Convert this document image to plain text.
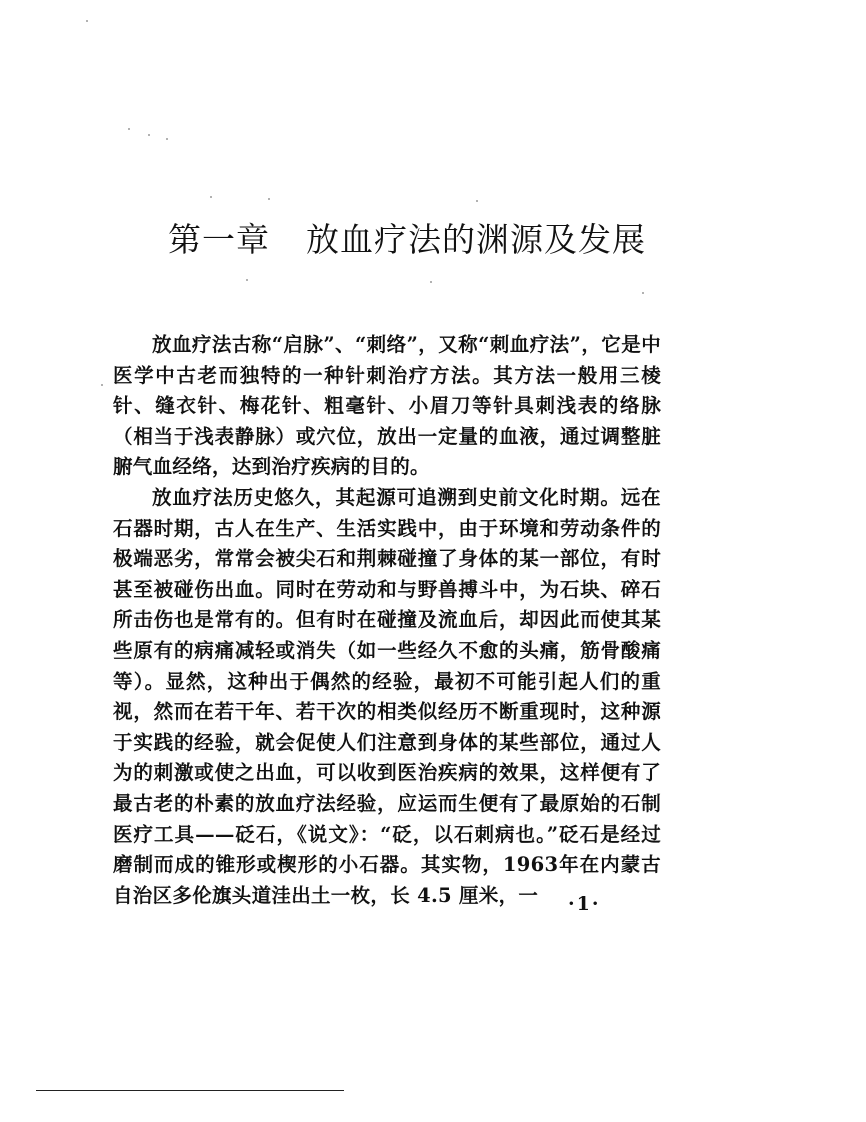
第一章 放血疗法的渊源及发展

放血疗法古称“启脉”、“刺络”，又称“刺血疗法”，它是中医学中古老而独特的一种针刺治疗方法。其方法一般用三棱针、缝衣针、梅花针、粗毫针、小眉刀等针具刺浅表的络脉（相当于浅表静脉）或穴位，放出一定量的血液，通过调整脏腑气血经络，达到治疗疾病的目的。

放血疗法历史悠久，其起源可追溯到史前文化时期。远在石器时期，古人在生产、生活实践中，由于环境和劳动条件的极端恶劣，常常会被尖石和荆棘碰撞了身体的某一部位，有时甚至被碰伤出血。同时在劳动和与野兽搏斗中，为石块、碎石所击伤也是常有的。但有时在碰撞及流血后，却因此而使其某些原有的病痛减轻或消失（如一些经久不愈的头痛，筋骨酸痛等）。显然，这种出于偶然的经验，最初不可能引起人们的重视，然而在若干年、若干次的相类似经历不断重现时，这种源于实践的经验，就会促使人们注意到身体的某些部位，通过人为的刺激或使之出血，可以收到医治疾病的效果，这样便有了最古老的朴素的放血疗法经验，应运而生便有了最原始的石制医疗工具——砭石，《说文》：“砭，以石刺病也。”砭石是经过磨制而成的锥形或楔形的小石器。其实物，1963年在内蒙古自治区多伦旗头道洼出土一枚，长 4.5 厘米，一	·1·
